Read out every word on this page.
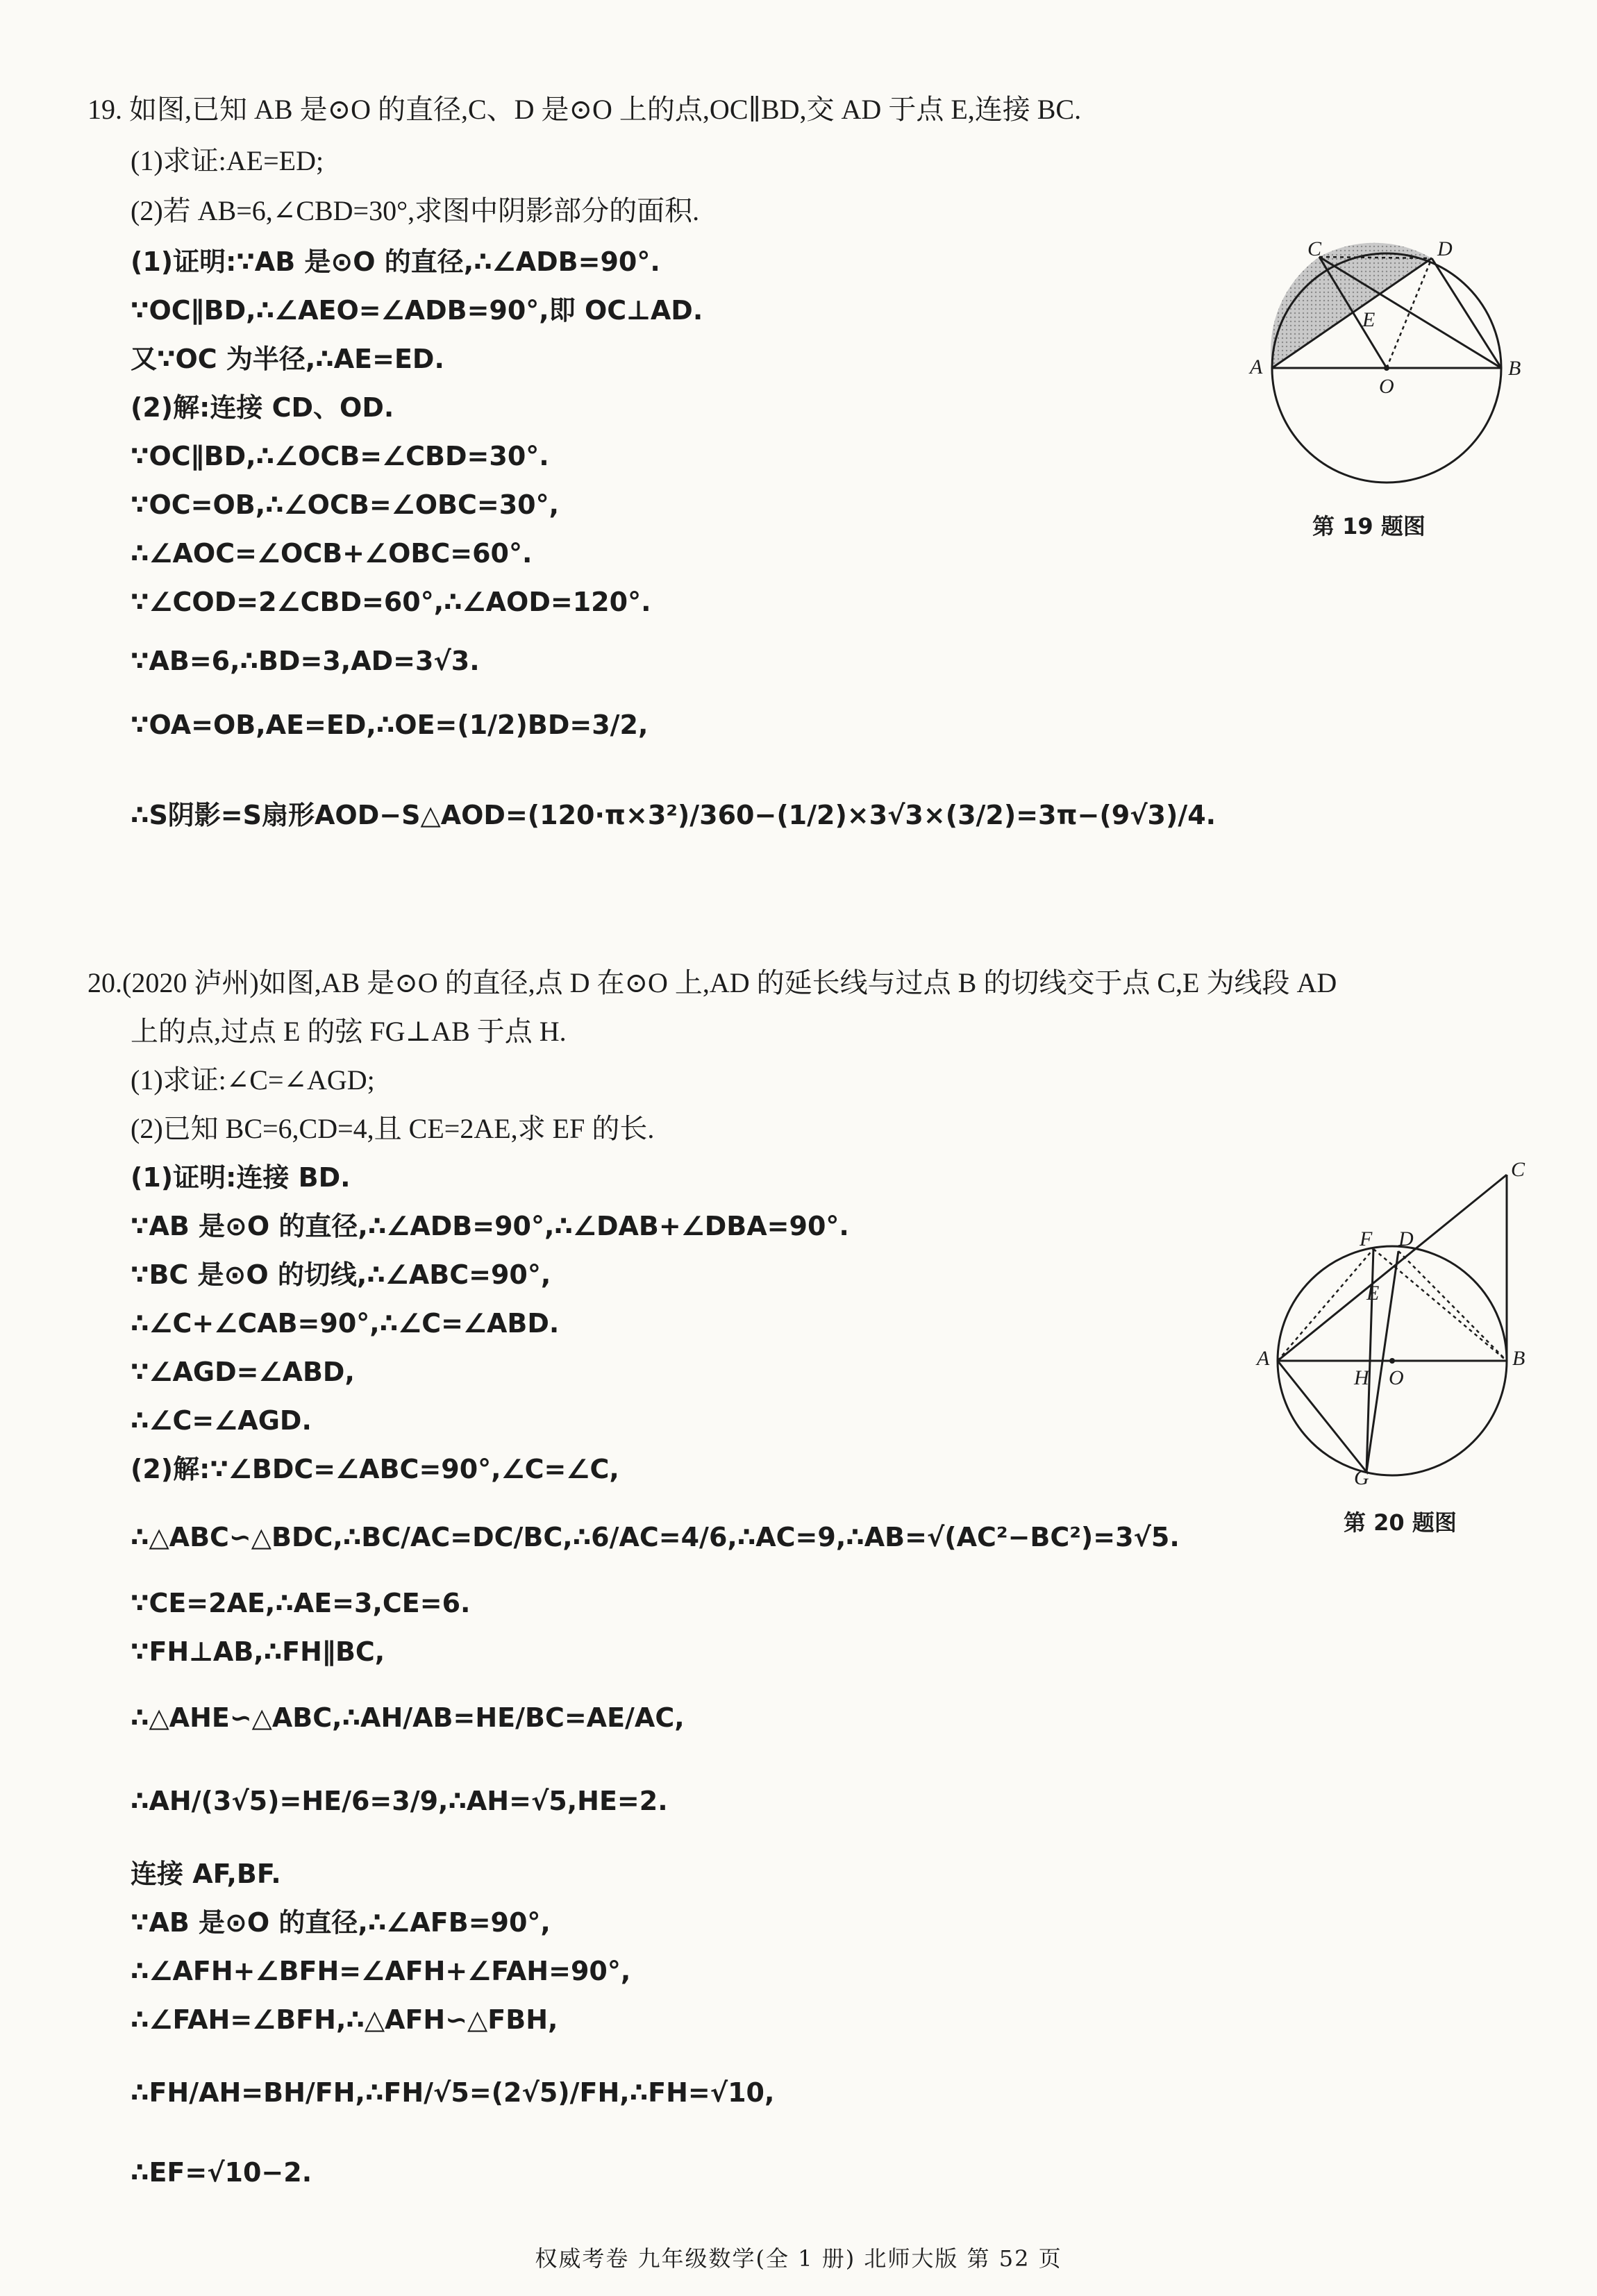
19. 如图,已知 AB 是⊙O 的直径,C、D 是⊙O 上的点,OC∥BD,交 AD 于点 E,连接 BC.
(1)求证:AE=ED;
(2)若 AB=6,∠CBD=30°,求图中阴影部分的面积.
(1)证明:∵AB 是⊙O 的直径,∴∠ADB=90°.
∵OC∥BD,∴∠AEO=∠ADB=90°,即 OC⊥AD.
又∵OC 为半径,∴AE=ED.
(2)解:连接 CD、OD.
∵OC∥BD,∴∠OCB=∠CBD=30°.
∵OC=OB,∴∠OCB=∠OBC=30°,
∴∠AOC=∠OCB+∠OBC=60°.
∵∠COD=2∠CBD=60°,∴∠AOD=120°.
∵AB=6,∴BD=3,AD=3√3.
∵OA=OB,AE=ED,∴OE=(1/2)BD=3/2,
∴S阴影=S扇形AOD−S△AOD=(120·π×3²)/360−(1/2)×3√3×(3/2)=3π−(9√3)/4.
C	D
E
A
O
B
第 19 题图
20.(2020 泸州)如图,AB 是⊙O 的直径,点 D 在⊙O 上,AD 的延长线与过点 B 的切线交于点 C,E 为线段 AD
上的点,过点 E 的弦 FG⊥AB 于点 H.
(1)求证:∠C=∠AGD;
(2)已知 BC=6,CD=4,且 CE=2AE,求 EF 的长.
(1)证明:连接 BD.
∵AB 是⊙O 的直径,∴∠ADB=90°,∴∠DAB+∠DBA=90°.
∵BC 是⊙O 的切线,∴∠ABC=90°,
∴∠C+∠CAB=90°,∴∠C=∠ABD.
∵∠AGD=∠ABD,
∴∠C=∠AGD.
(2)解:∵∠BDC=∠ABC=90°,∠C=∠C,
∴△ABC∽△BDC,∴BC/AC=DC/BC,∴6/AC=4/6,∴AC=9,∴AB=√(AC²−BC²)=3√5.
∵CE=2AE,∴AE=3,CE=6.
∵FH⊥AB,∴FH∥BC,
∴△AHE∽△ABC,∴AH/AB=HE/BC=AE/AC,
∴AH/(3√5)=HE/6=3/9,∴AH=√5,HE=2.
连接 AF,BF.
∵AB 是⊙O 的直径,∴∠AFB=90°,
∴∠AFH+∠BFH=∠AFH+∠FAH=90°,
∴∠FAH=∠BFH,∴△AFH∽△FBH,
∴FH/AH=BH/FH,∴FH/√5=(2√5)/FH,∴FH=√10,
∴EF=√10−2.
C
F D
E
A
H O
B
G
第 20 题图
权威考卷 九年级数学(全 1 册) 北师大版 第 52 页
